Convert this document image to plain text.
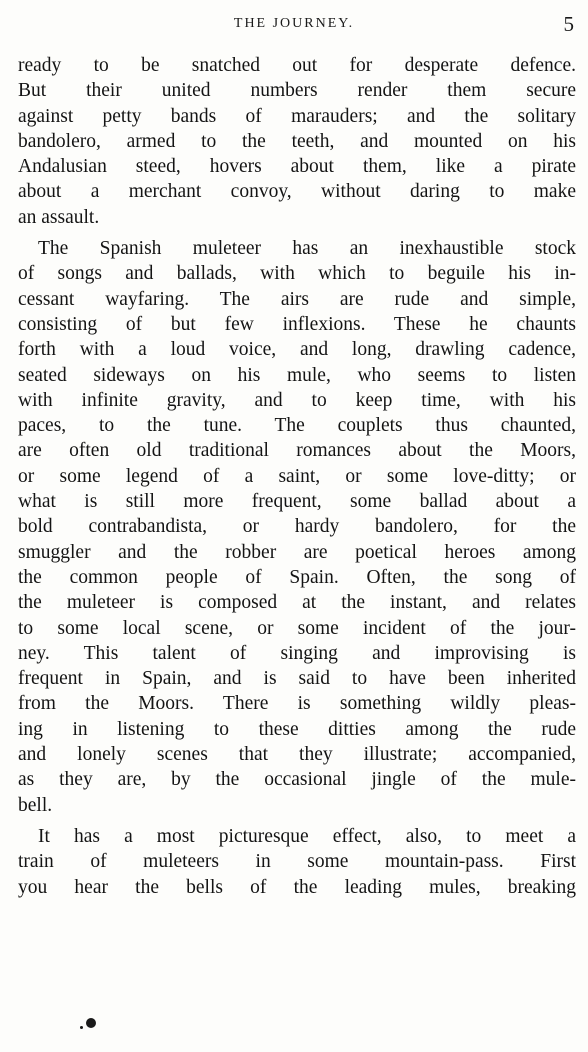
THE JOURNEY.	5
ready to be snatched out for desperate defence.
But their united numbers render them secure
against petty bands of marauders; and the solitary
bandolero, armed to the teeth, and mounted on his
Andalusian steed, hovers about them, like a pirate
about a merchant convoy, without daring to make
an assault.
The Spanish muleteer has an inexhaustible stock
of songs and ballads, with which to beguile his in-
cessant wayfaring. The airs are rude and simple,
consisting of but few inflexions. These he chaunts
forth with a loud voice, and long, drawling cadence,
seated sideways on his mule, who seems to listen
with infinite gravity, and to keep time, with his
paces, to the tune. The couplets thus chaunted,
are often old traditional romances about the Moors,
or some legend of a saint, or some love-ditty; or
what is still more frequent, some ballad about a
bold contrabandista, or hardy bandolero, for the
smuggler and the robber are poetical heroes among
the common people of Spain. Often, the song of
the muleteer is composed at the instant, and relates
to some local scene, or some incident of the jour-
ney. This talent of singing and improvising is
frequent in Spain, and is said to have been inherited
from the Moors. There is something wildly pleas-
ing in listening to these ditties among the rude
and lonely scenes that they illustrate; accompanied,
as they are, by the occasional jingle of the mule-
bell.
It has a most picturesque effect, also, to meet a
train of muleteers in some mountain-pass. First
you hear the bells of the leading mules, breaking
